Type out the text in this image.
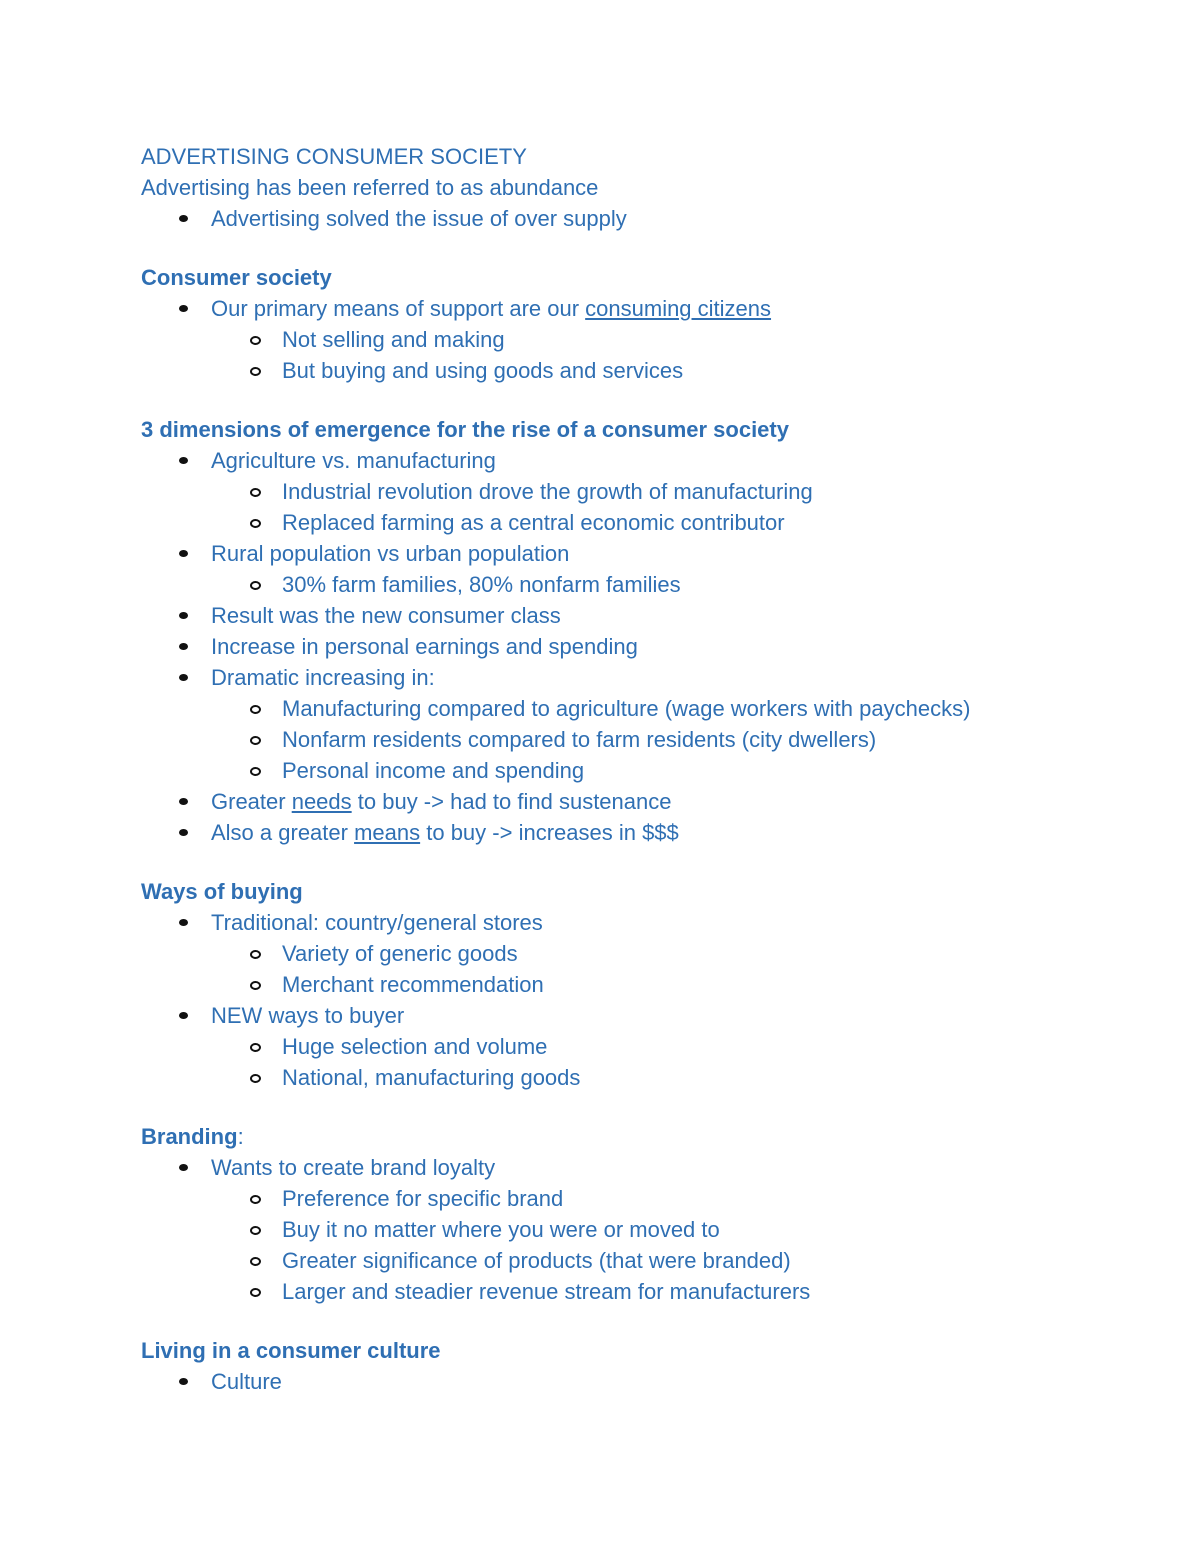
ADVERTISING CONSUMER SOCIETY
Advertising has been referred to as abundance
Advertising solved the issue of over supply
Consumer society
Our primary means of support are our consuming citizens
Not selling and making
But buying and using goods and services
3 dimensions of emergence for the rise of a consumer society
Agriculture vs. manufacturing
Industrial revolution drove the growth of manufacturing
Replaced farming as a central economic contributor
Rural population vs urban population
30% farm families, 80% nonfarm families
Result was the new consumer class
Increase in personal earnings and spending
Dramatic increasing in:
Manufacturing compared to agriculture (wage workers with paychecks)
Nonfarm residents compared to farm residents (city dwellers)
Personal income and spending
Greater needs to buy -> had to find sustenance
Also a greater means to buy -> increases in $$$
Ways of buying
Traditional: country/general stores
Variety of generic goods
Merchant recommendation
NEW ways to buyer
Huge selection and volume
National, manufacturing goods
Branding:
Wants to create brand loyalty
Preference for specific brand
Buy it no matter where you were or moved to
Greater significance of products (that were branded)
Larger and steadier revenue stream for manufacturers
Living in a consumer culture
Culture
